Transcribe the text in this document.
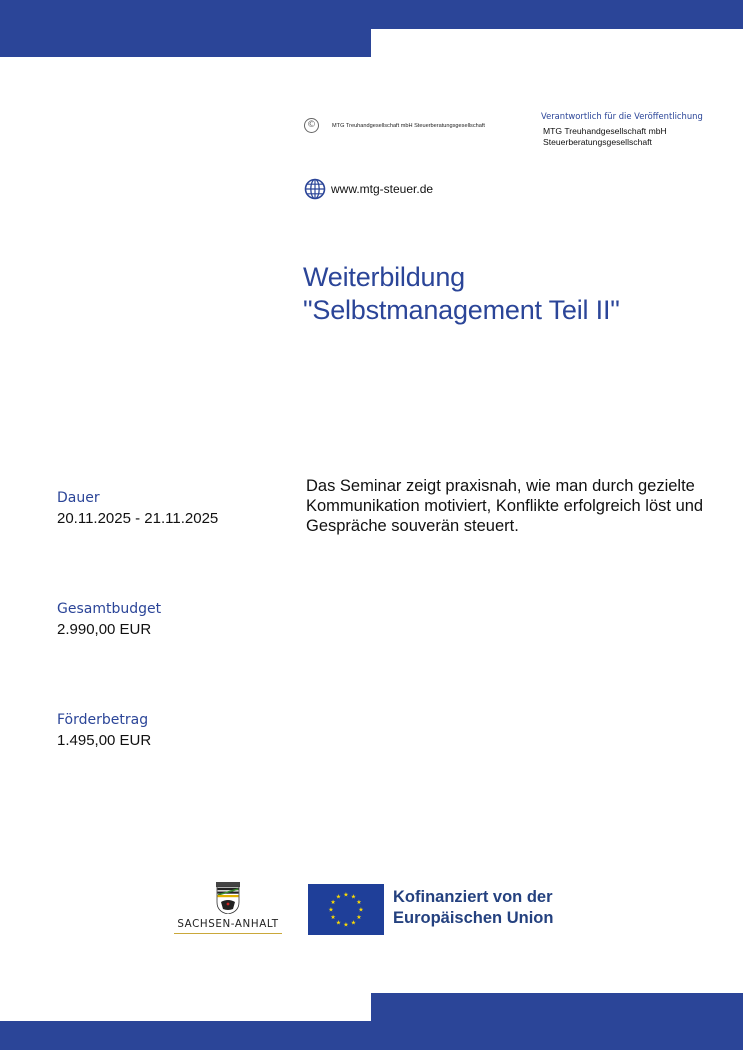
©	MTG Treuhandgesellschaft mbH Steuerberatungsgesellschaft
Verantwortlich für die Veröffentlichung
MTG Treuhandgesellschaft mbH
Steuerberatungsgesellschaft
www.mtg-steuer.de
Weiterbildung
"Selbstmanagement Teil II"
Das Seminar zeigt praxisnah, wie man durch gezielte Kommunikation motiviert, Konflikte erfolgreich löst und Gespräche souverän steuert.
Dauer
20.11.2025 - 21.11.2025
Gesamtbudget
2.990,00 EUR
Förderbetrag
1.495,00 EUR
SACHSEN-ANHALT
★ ★
★
★
★
★
★
★
★
★
★
★	Kofinanziert von der
Europäischen Union
